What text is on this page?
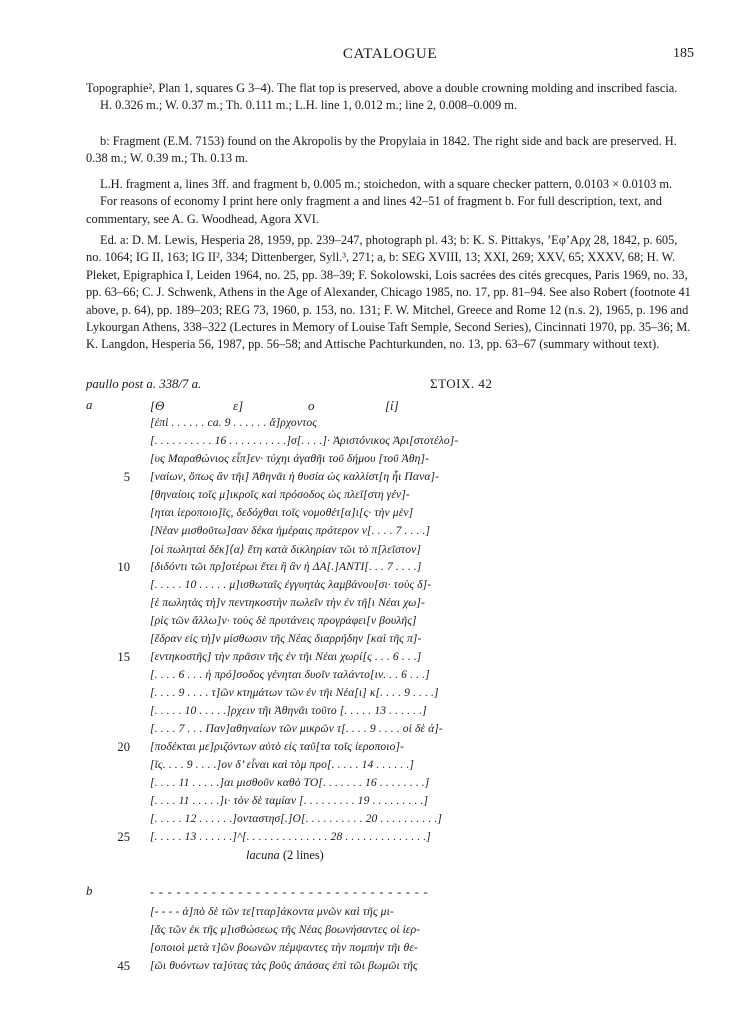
CATALOGUE	185

Topographie², Plan 1, squares G 3–4). The flat top is preserved, above a double crowning molding and inscribed fascia.

H. 0.326 m.; W. 0.37 m.; Th. 0.111 m.; L.H. line 1, 0.012 m.; line 2, 0.008–0.009 m.

b: Fragment (E.M. 7153) found on the Akropolis by the Propylaia in 1842. The right side and back are preserved. H. 0.38 m.; W. 0.39 m.; Th. 0.13 m.

L.H. fragment a, lines 3ff. and fragment b, 0.005 m.; stoichedon, with a square checker pattern, 0.0103 × 0.0103 m.

For reasons of economy I print here only fragment a and lines 42–51 of fragment b. For full description, text, and commentary, see A. G. Woodhead, Agora XVI.

Ed. a: D. M. Lewis, Hesperia 28, 1959, pp. 239–247, photograph pl. 43; b: K. S. Pittakys, ’Eφ’Aρχ 28, 1842, p. 605, no. 1064; IG II, 163; IG II², 334; Dittenberger, Syll.³, 271; a, b: SEG XVIII, 13; XXI, 269; XXV, 65; XXXV, 68; H. W. Pleket, Epigraphica I, Leiden 1964, no. 25, pp. 38–39; F. Sokolowski, Lois sacrées des cités grecques, Paris 1969, no. 33, pp. 63–66; C. J. Schwenk, Athens in the Age of Alexander, Chicago 1985, no. 17, pp. 81–94. See also Robert (footnote 41 above, p. 64), pp. 189–203; REG 73, 1960, p. 153, no. 131; F. W. Mitchel, Greece and Rome 12 (n.s. 2), 1965, p. 196 and Lykourgan Athens, 338–322 (Lectures in Memory of Louise Taft Semple, Second Series), Cincinnati 1970, pp. 35–36; M. K. Langdon, Hesperia 56, 1987, pp. 56–58; and Attische Pachturkunden, no. 13, pp. 63–67 (summary without text).

paullo post a. 338/7 a.	ΣΤΟΙΧ. 42
a	[Θ	ε]	ο	[ί]
[ἐπὶ . . . . . . ca. 9 . . . . . . ἄ]ρχοντος
[. . . . . . . . . . 16 . . . . . . . . . .]σ[. . . .]· Ἀριστόνικος Ἀρι[στοτέλο]-
[υς Μαραθώνιος εἶπ]εν· τύχηι ἀγαθῆι τοῦ δήμου [τοῦ Ἀθη]-
[ναίων, ὅπως ἂν τῆι] Ἀθηνᾶι ἡ θυσία ὡς καλλίστ[η ἧι Πανα]-
[θηναίοις τοῖς μ]ικροῖς καὶ πρόσοδος ὡς πλεῖ[στη γέν]-
[ηται ἱεροποιο]ῖς, δεδόχθαι τοῖς νομοθέτ[α]ι[ς· τὴν μὲν]
[Νέαν μισθοῦτω]σαν δέκα ἡμέραις πρότερον ν[. . . . 7 . . . .]
[οἱ πωληταὶ δέκ]⟨α⟩ ἔτη κατὰ δικληρίαν τῶι τὸ π[λεῖστον]
[διδόντι τῶι πρ]οτέρωι ἔτει ἢ ἂν ἡ ΔΑ[.]ΑΝΤΙ[. . . 7 . . . .]
[. . . . . 10 . . . . . μ]ισθωταῖς ἐγγυητὰς λαμβάνου[σι· τοὺς δ]-
[ὲ πωλητὰς τὴ]ν πεντηκοστὴν πωλεῖν τὴν ἐν τῆ[ι Νέαι χω]-
[ρὶς τῶν ἄλλω]ν· τοὺς δὲ πρυτάνεις προγράφει[ν βουλῆς]
[ἕδραν εἰς τὴ]ν μίσθωσιν τῆς Νέας διαρρήδην [καὶ τῆς π]-
[εντηκοστῆς] τὴν πρᾶσιν τῆς ἐν τῆι Νέαι χωρί[ς . . . 6 . . .]
[. . . . 6 . . . ἡ πρό]σοδος γένηται δυοῖν ταλάντο[ιν. . . 6 . . .]
[. . . . 9 . . . . τ]ῶν κτημάτων τῶν ἐν τῆι Νέα[ι] κ[. . . . 9 . . . .]
[. . . . . 10 . . . . .]ρχειν τῆι Ἀθηνᾶι τοῦτο [. . . . . 13 . . . . . .]
[. . . . 7 . . . Παν]αθηναίων τῶν μικρῶν τ[. . . . 9 . . . . οἱ δὲ ἀ]-
[ποδέκται με]ριζόντων αὐτὸ εἰς ταῦ[τα τοῖς ἱεροποιο]-
[ῖς. . . . 9 . . . .]ον δ’ εἶναι καὶ τὸμ προ[. . . . . 14 . . . . . .]
[. . . . 11 . . . . .]αι μισθοῦν καθὸ ΤΟ[. . . . . . . 16 . . . . . . . .]
[. . . . 11 . . . . .]ι· τὸν δὲ ταμίαν [. . . . . . . . . 19 . . . . . . . . .]
[. . . . . 12 . . . . . .]ονταστησ[.]Ο[. . . . . . . . . . 20 . . . . . . . . . .]
[. . . . . 13 . . . . . .]^[. . . . . . . . . . . . . . 28 . . . . . . . . . . . . . .]
5
10
15
20
25
lacuna (2 lines)
b	- - - - - - - - - - - - - - - - - - - - - - - - - - - - - - - -
[- - - - ἀ]πὸ δὲ τῶν τε[τταρ]άκοντα μνῶν καὶ τῆς μι-
[ἅς τῶν ἐκ τῆς μ]ισθώσεως τῆς Νέας βοωνήσαντες οἱ ἱερ-
[οποιοὶ μετὰ τ]ῶν βοωνῶν πέμψαντες τὴν πομπὴν τῆι θε-
[ῶι θυόντων τα]ύτας τὰς βοῦς ἁπάσας ἐπὶ τῶι βωμῶι τῆς
45
